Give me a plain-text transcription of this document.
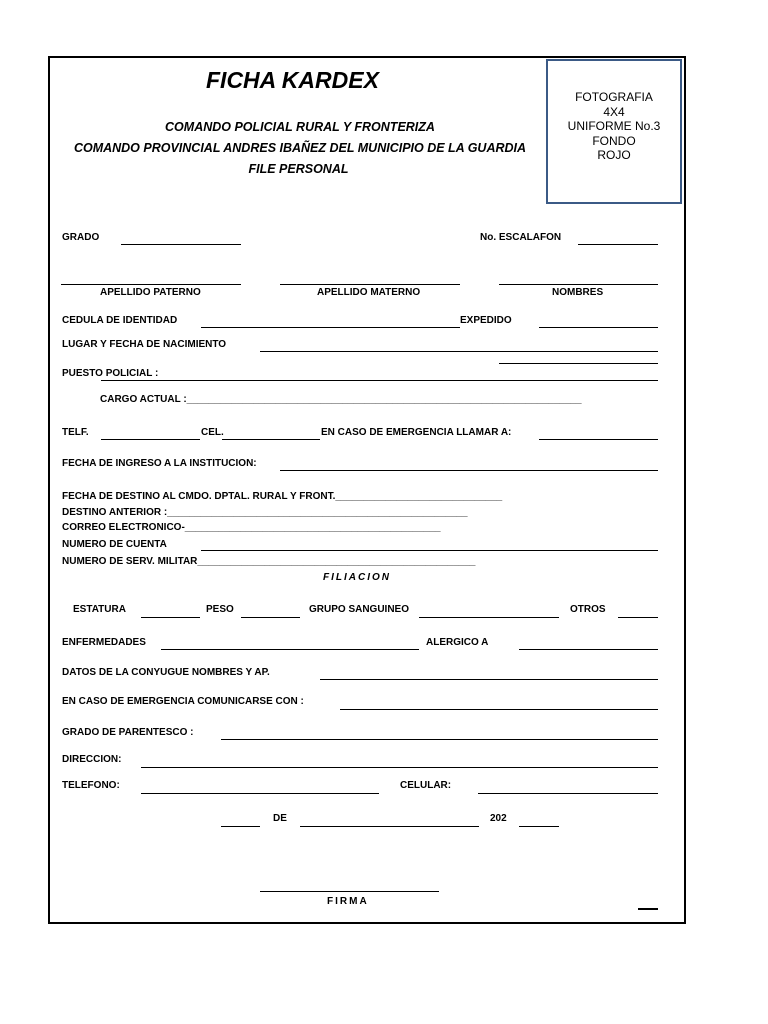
FICHA KARDEX
COMANDO POLICIAL RURAL Y FRONTERIZA
COMANDO PROVINCIAL ANDRES IBAÑEZ DEL MUNICIPIO DE LA GUARDIA
FILE PERSONAL
FOTOGRAFIA
4X4
UNIFORME No.3
FONDO
ROJO
GRADO	No. ESCALAFON
APELLIDO PATERNO	APELLIDO MATERNO	NOMBRES
CEDULA DE IDENTIDAD	EXPEDIDO
LUGAR Y FECHA DE NACIMIENTO
PUESTO POLICIAL :
CARGO ACTUAL :_______________________________________________________________________
TELF.	CEL.	EN CASO DE EMERGENCIA LLAMAR A:
FECHA DE INGRESO A LA INSTITUCION:
FECHA DE DESTINO AL CMDO. DPTAL. RURAL Y FRONT.______________________________
DESTINO ANTERIOR :______________________________________________________
CORREO ELECTRONICO-______________________________________________
NUMERO DE CUENTA
NUMERO DE SERV. MILITAR__________________________________________________
FILIACION
ESTATURA	PESO	GRUPO SANGUINEO	OTROS
ENFERMEDADES	ALERGICO A
DATOS DE LA CONYUGUE NOMBRES Y AP.
EN CASO DE EMERGENCIA COMUNICARSE CON :
GRADO DE PARENTESCO :
DIRECCION:
TELEFONO:	CELULAR:
DE	202
FIRMA
